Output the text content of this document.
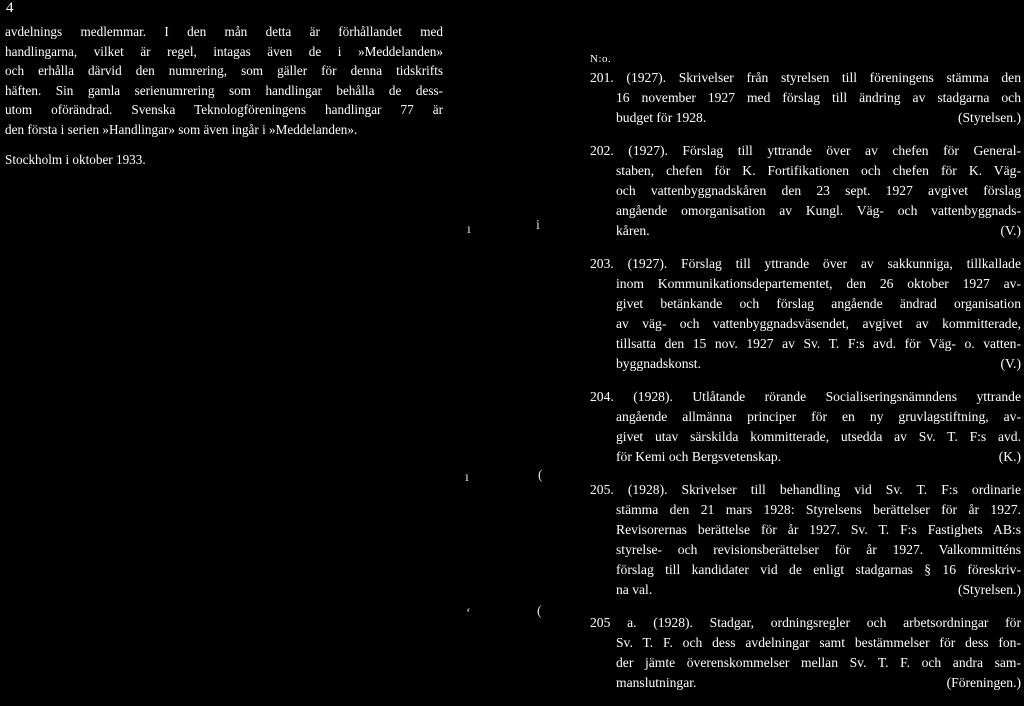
4
avdelnings medlemmar. I den mån detta är förhållandet med
handlingarna, vilket är regel, intagas även de i »Meddelanden»
och erhålla därvid den numrering, som gäller för denna tidskrifts
häften. Sin gamla serienumrering som handlingar behålla de dess-
utom oförändrad. Svenska Teknologföreningens handlingar 77 är
den första i serien »Handlingar» som även ingår i »Meddelanden».
Stockholm i oktober 1933.
ı	i
ı	(
ʻ	(
N:o.
201. (1927). Skrivelser från styrelsen till föreningens stämma den
16 november 1927 med förslag till ändring av stadgarna och
budget för 1928.	(Styrelsen.)
202. (1927). Förslag till yttrande över av chefen för General-
staben, chefen för K. Fortifikationen och chefen för K. Väg-
och vattenbyggnadskåren den 23 sept. 1927 avgivet förslag
angående omorganisation av Kungl. Väg- och vattenbyggnads-
kåren.	(V.)
203. (1927). Förslag till yttrande över av sakkunniga, tillkallade
inom Kommunikationsdepartementet, den 26 oktober 1927 av-
givet betänkande och förslag angående ändrad organisation
av väg- och vattenbyggnadsväsendet, avgivet av kommitterade,
tillsatta den 15 nov. 1927 av Sv. T. F:s avd. för Väg- o. vatten-
byggnadskonst.	(V.)
204. (1928). Utlåtande rörande Socialiseringsnämndens yttrande
angående allmänna principer för en ny gruvlagstiftning, av-
givet utav särskilda kommitterade, utsedda av Sv. T. F:s avd.
för Kemi och Bergsvetenskap.	(K.)
205. (1928). Skrivelser till behandling vid Sv. T. F:s ordinarie
stämma den 21 mars 1928: Styrelsens berättelser för år 1927.
Revisorernas berättelse för år 1927. Sv. T. F:s Fastighets AB:s
styrelse- och revisionsberättelser för år 1927. Valkommitténs
förslag till kandidater vid de enligt stadgarnas § 16 föreskriv-
na val.	(Styrelsen.)
205 a. (1928). Stadgar, ordningsregler och arbetsordningar för
Sv. T. F. och dess avdelningar samt bestämmelser för dess fon-
der jämte överenskommelser mellan Sv. T. F. och andra sam-
manslutningar.	(Föreningen.)
